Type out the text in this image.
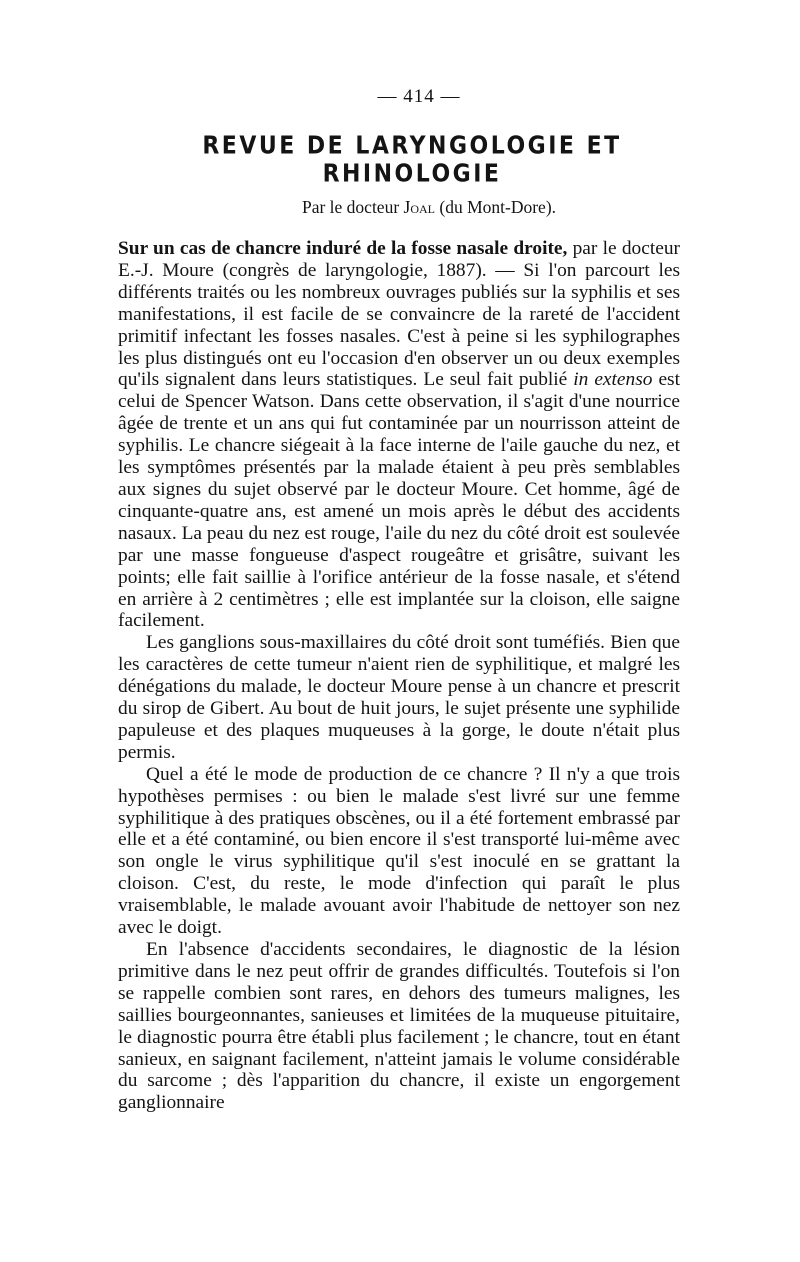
— 414 —
REVUE DE LARYNGOLOGIE ET RHINOLOGIE
Par le docteur Joal (du Mont-Dore).

Sur un cas de chancre induré de la fosse nasale droite, par le docteur E.-J. Moure (congrès de laryngologie, 1887). — Si l'on parcourt les différents traités ou les nombreux ouvrages publiés sur la syphilis et ses manifestations, il est facile de se convaincre de la rareté de l'accident primitif infectant les fosses nasales. C'est à peine si les syphilographes les plus distingués ont eu l'occasion d'en observer un ou deux exemples qu'ils signalent dans leurs statistiques. Le seul fait publié in extenso est celui de Spencer Watson. Dans cette observation, il s'agit d'une nourrice âgée de trente et un ans qui fut contaminée par un nourrisson atteint de syphilis. Le chancre siégeait à la face interne de l'aile gauche du nez, et les symptômes présentés par la malade étaient à peu près semblables aux signes du sujet observé par le docteur Moure. Cet homme, âgé de cinquante-quatre ans, est amené un mois après le début des accidents nasaux. La peau du nez est rouge, l'aile du nez du côté droit est soulevée par une masse fongueuse d'aspect rougeâtre et grisâtre, suivant les points; elle fait saillie à l'orifice antérieur de la fosse nasale, et s'étend en arrière à 2 centimètres ; elle est implantée sur la cloison, elle saigne facilement.

Les ganglions sous-maxillaires du côté droit sont tuméfiés. Bien que les caractères de cette tumeur n'aient rien de syphilitique, et malgré les dénégations du malade, le docteur Moure pense à un chancre et prescrit du sirop de Gibert. Au bout de huit jours, le sujet présente une syphilide papuleuse et des plaques muqueuses à la gorge, le doute n'était plus permis.

Quel a été le mode de production de ce chancre ? Il n'y a que trois hypothèses permises : ou bien le malade s'est livré sur une femme syphilitique à des pratiques obscènes, ou il a été fortement embrassé par elle et a été contaminé, ou bien encore il s'est transporté lui-même avec son ongle le virus syphilitique qu'il s'est inoculé en se grattant la cloison. C'est, du reste, le mode d'infection qui paraît le plus vraisemblable, le malade avouant avoir l'habitude de nettoyer son nez avec le doigt.

En l'absence d'accidents secondaires, le diagnostic de la lésion primitive dans le nez peut offrir de grandes difficultés. Toutefois si l'on se rappelle combien sont rares, en dehors des tumeurs malignes, les saillies bourgeonnantes, sanieuses et limitées de la muqueuse pituitaire, le diagnostic pourra être établi plus facilement ; le chancre, tout en étant sanieux, en saignant facilement, n'atteint jamais le volume considérable du sarcome ; dès l'apparition du chancre, il existe un engorgement ganglionnaire
